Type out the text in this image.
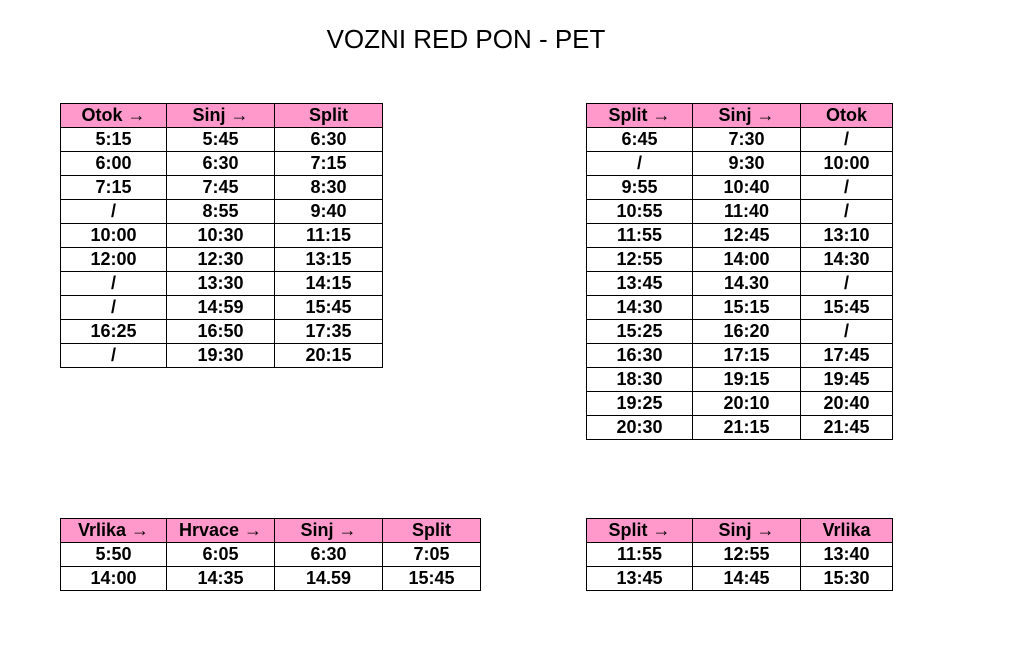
VOZNI RED PON - PET
Otok →	Sinj →	Split
5:15	5:45	6:30
6:00	6:30	7:15
7:15	7:45	8:30
/	8:55	9:40
10:00	10:30	11:15
12:00	12:30	13:15
/	13:30	14:15
/	14:59	15:45
16:25	16:50	17:35
/	19:30	20:15
Split →	Sinj →	Otok
6:45	7:30	/
/	9:30	10:00
9:55	10:40	/
10:55	11:40	/
11:55	12:45	13:10
12:55	14:00	14:30
13:45	14.30	/
14:30	15:15	15:45
15:25	16:20	/
16:30	17:15	17:45
18:30	19:15	19:45
19:25	20:10	20:40
20:30	21:15	21:45
Vrlika →	Hrvace →	Sinj →	Split
5:50	6:05	6:30	7:05
14:00	14:35	14.59	15:45
Split →	Sinj →	Vrlika
11:55	12:55	13:40
13:45	14:45	15:30
